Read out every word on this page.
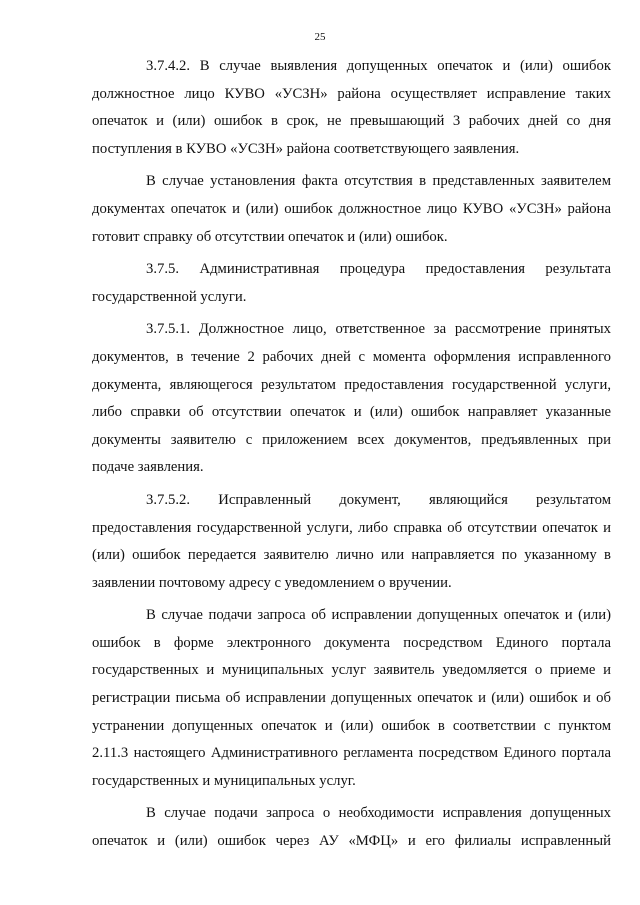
25

3.7.4.2. В случае выявления допущенных опечаток и (или) ошибок должностное лицо КУВО «УСЗН» района осуществляет исправление таких опечаток и (или) ошибок в срок, не превышающий 3 рабочих дней со дня поступления в КУВО «УСЗН» района соответствующего заявления.

В случае установления факта отсутствия в представленных заявителем документах опечаток и (или) ошибок должностное лицо КУВО «УСЗН» района готовит справку об отсутствии опечаток и (или) ошибок.

3.7.5. Административная процедура предоставления результата государственной услуги.

3.7.5.1. Должностное лицо, ответственное за рассмотрение принятых документов, в течение 2 рабочих дней с момента оформления исправленного документа, являющегося результатом предоставления государственной услуги, либо справки об отсутствии опечаток и (или) ошибок направляет указанные документы заявителю с приложением всех документов, предъявленных при подаче заявления.

3.7.5.2. Исправленный документ, являющийся результатом предоставления государственной услуги, либо справка об отсутствии опечаток и (или) ошибок передается заявителю лично или направляется по указанному в заявлении почтовому адресу с уведомлением о вручении.

В случае подачи запроса об исправлении допущенных опечаток и (или) ошибок в форме электронного документа посредством Единого портала государственных и муниципальных услуг заявитель уведомляется о приеме и регистрации письма об исправлении допущенных опечаток и (или) ошибок и об устранении допущенных опечаток и (или) ошибок в соответствии с пунктом 2.11.3 настоящего Административного регламента посредством Единого портала государственных и муниципальных услуг.

В случае подачи запроса о необходимости исправления допущенных опечаток и (или) ошибок через АУ «МФЦ» и его филиалы исправленный
